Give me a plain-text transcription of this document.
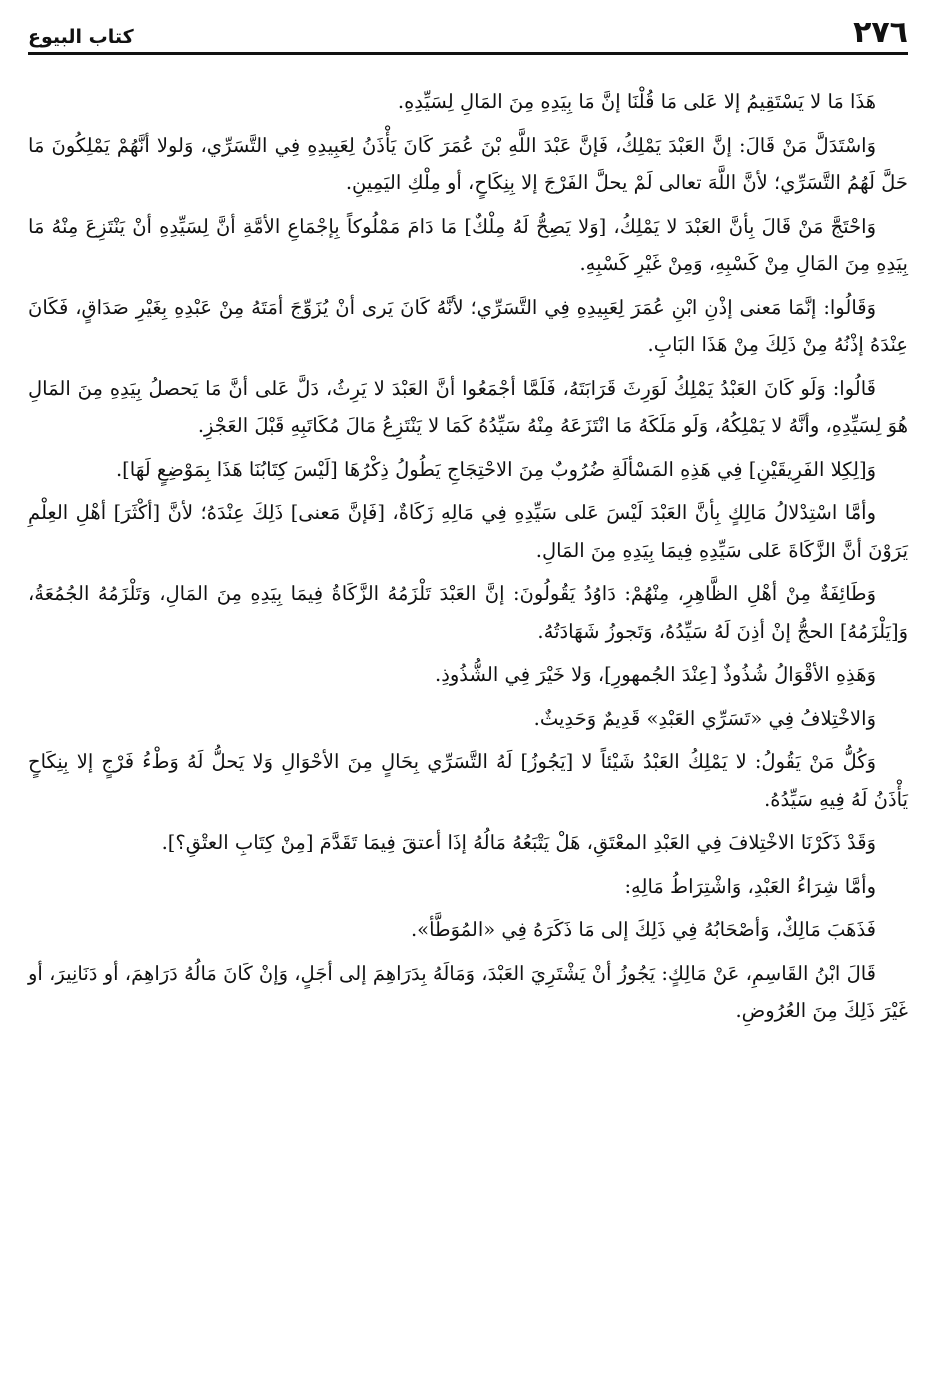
٢٧٦
كتاب البيوع

هَذَا مَا لا يَسْتَقِيمُ إلا عَلى مَا قُلْنَا إنَّ مَا بِيَدِهِ مِنَ المَالِ لِسَيِّدِهِ.

وَاسْتَدَلَّ مَنْ قَالَ: إنَّ العَبْدَ يَمْلِكُ، فَإنَّ عَبْدَ اللَّهِ بْنَ عُمَرَ كَانَ يَأْذَنُ لِعَبِيدِهِ فِي التَّسَرِّي، وَلولا أنَّهُمْ يَمْلِكُونَ مَا حَلَّ لَهُمُ التَّسَرِّي؛ لأنَّ اللَّهَ تعالى لَمْ يحلَّ الفَرْجَ إلا بِنِكَاحٍ، أو مِلْكِ اليَمِينِ.

وَاحْتَجَّ مَنْ قَالَ بِأنَّ العَبْدَ لا يَمْلِكُ، [وَلا يَصِحُّ لَهُ مِلْكٌ] مَا دَامَ مَمْلُوكاً بِإجْمَاعِ الأمَّةِ أنَّ لِسَيِّدِهِ أنْ يَنْتَزِعَ مِنْهُ مَا بِيَدِهِ مِنَ المَالِ مِنْ كَسْبِهِ، وَمِنْ غَيْرِ كَسْبِهِ.

وَقَالُوا: إنَّمَا مَعنى إذْنِ ابْنِ عُمَرَ لِعَبِيدِهِ فِي التَّسَرِّي؛ لأنَّهُ كَانَ يَرى أنْ يُزَوِّجَ أمَتَهُ مِنْ عَبْدِهِ بِغَيْرِ صَدَاقٍ، فَكَانَ عِنْدَهُ إذْنُهُ مِنْ ذَلِكَ مِنْ هَذَا البَابِ.

قَالُوا: وَلَو كَانَ العَبْدُ يَمْلِكُ لَوَرِثَ قَرَابَتَهُ، فَلَمَّا أجْمَعُوا أنَّ العَبْدَ لا يَرِثُ، دَلَّ عَلى أنَّ مَا يَحصلُ بِيَدِهِ مِنَ المَالِ هُوَ لِسَيِّدِهِ، وأنَّهُ لا يَمْلِكُهُ، وَلَو مَلَكَهُ مَا انْتَزَعَهُ مِنْهُ سَيِّدُهُ كَمَا لا يَنْتَزِعُ مَالَ مُكَاتَبِهِ قَبْلَ العَجْزِ.

وَ[لِكِلا الفَرِيقَيْنِ] فِي هَذِهِ المَسْألَةِ ضُرُوبٌ مِنَ الاحْتِجَاجِ يَطُولُ ذِكْرُهَا [لَيْسَ كِتَابُنَا هَذَا بِمَوْضِعٍ لَهَا].

وأمَّا اسْتِدْلالُ مَالِكٍ بِأنَّ العَبْدَ لَيْسَ عَلى سَيِّدِهِ فِي مَالِهِ زَكَاةٌ، [فَإنَّ مَعنى] ذَلِكَ عِنْدَهُ؛ لأنَّ [أكْثَرَ] أهْلِ العِلْمِ يَرَوْنَ أنَّ الزَّكَاةَ عَلى سَيِّدِهِ فِيمَا بِيَدِهِ مِنَ المَالِ.

وَطَائِفَةٌ مِنْ أهْلِ الظَّاهِرِ، مِنْهُمْ: دَاوُدُ يَقُولُونَ: إنَّ العَبْدَ تَلْزَمُهُ الزَّكَاةُ فِيمَا بِيَدِهِ مِنَ المَالِ، وَتَلْزَمُهُ الجُمُعَةُ، وَ[يَلْزَمُهُ] الحجُّ إنْ أذِنَ لَهُ سَيِّدُهُ، وَتَجوزُ شَهَادَتُهُ.

وَهَذِهِ الأقْوَالُ شُذُوذٌ [عِنْدَ الجُمهورِ]، وَلا خَيْرَ فِي الشُّذُوذِ.

وَالاخْتِلافُ فِي «تَسَرِّي العَبْدِ» قَدِيمٌ وَحَدِيثٌ.

وَكُلُّ مَنْ يَقُولُ: لا يَمْلِكُ العَبْدُ شَيْئاً لا [يَجُوزُ] لَهُ التَّسَرِّي بِحَالٍ مِنَ الأحْوَالِ وَلا يَحلُّ لَهُ وَطْءُ فَرْجٍ إلا بِنِكَاحٍ يَأْذَنُ لَهُ فِيهِ سَيِّدُهُ.

وَقَدْ ذَكَرْنَا الاخْتِلافَ فِي العَبْدِ المعْتَقِ، هَلْ يَتْبَعُهُ مَالُهُ إذَا أعتقَ فِيمَا تَقَدَّمَ [مِنْ كِتَابِ العتْقِ؟].

وأمَّا شِرَاءُ العَبْدِ، وَاشْتِرَاطُ مَالِهِ:

فَذَهَبَ مَالِكٌ، وَأصْحَابُهُ فِي ذَلِكَ إلى مَا ذَكَرَهُ فِي «المُوَطَّأ».

قَالَ ابْنُ القَاسِمِ، عَنْ مَالِكٍ: يَجُوزُ أنْ يَشْتَرِيَ العَبْدَ، وَمَالَهُ بِدَرَاهِمَ إلى أجَلٍ، وَإنْ كَانَ مَالُهُ دَرَاهِمَ، أو دَنَانِيرَ، أو غَيْرَ ذَلِكَ مِنَ العُرُوضِ.
